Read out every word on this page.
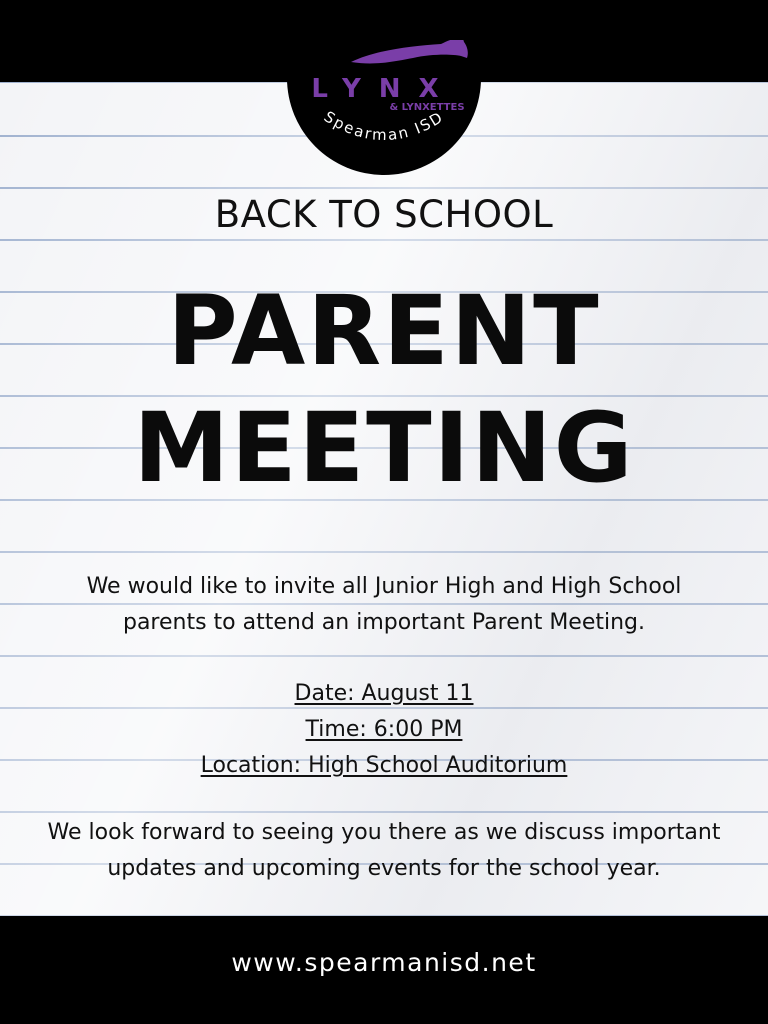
LYNX
& LYNXETTES
Spearman ISD
BACK TO SCHOOL
PARENT
MEETING
We would like to invite all Junior High and High School
parents to attend an important Parent Meeting.
Date: August 11
Time: 6:00 PM
Location: High School Auditorium
We look forward to seeing you there as we discuss important
updates and upcoming events for the school year.
www.spearmanisd.net
